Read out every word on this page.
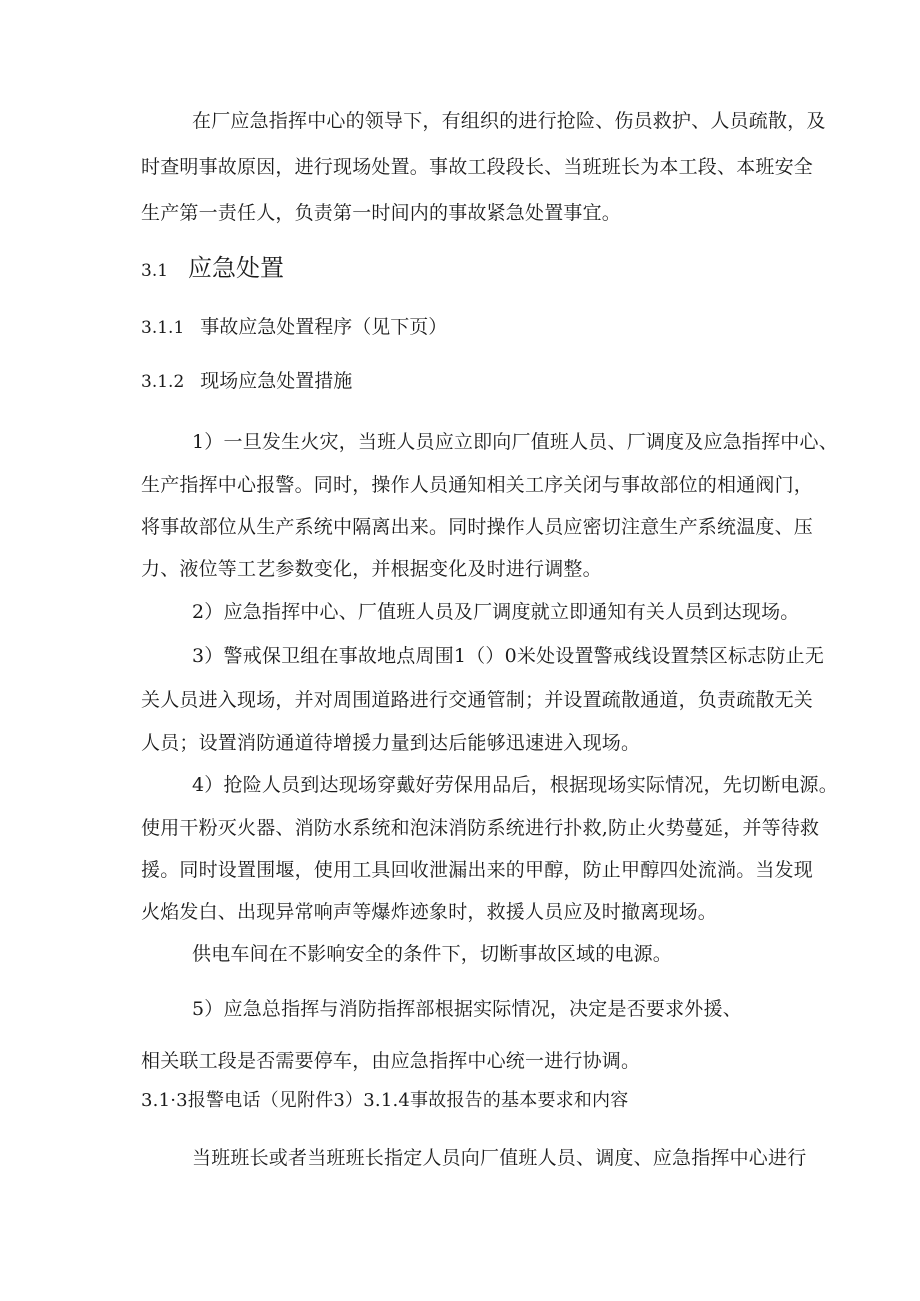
在厂应急指挥中心的领导下，有组织的进行抢险、伤员救护、人员疏散，及
时查明事故原因，进行现场处置。事故工段段长、当班班长为本工段、本班安全
生产第一责任人，负责第一时间内的事故紧急处置事宜。
3.1 应急处置
3.1.1 事故应急处置程序（见下页）
3.1.2 现场应急处置措施
1）一旦发生火灾，当班人员应立即向厂值班人员、厂调度及应急指挥中心、
生产指挥中心报警。同时，操作人员通知相关工序关闭与事故部位的相通阀门，
将事故部位从生产系统中隔离出来。同时操作人员应密切注意生产系统温度、压
力、液位等工艺参数变化，并根据变化及时进行调整。
2）应急指挥中心、厂值班人员及厂调度就立即通知有关人员到达现场。
3）警戒保卫组在事故地点周围1（）0米处设置警戒线设置禁区标志防止无
关人员进入现场，并对周围道路进行交通管制；并设置疏散通道，负责疏散无关
人员；设置消防通道待增援力量到达后能够迅速进入现场。
4）抢险人员到达现场穿戴好劳保用品后，根据现场实际情况，先切断电源。
使用干粉灭火器、消防水系统和泡沫消防系统进行扑救,防止火势蔓延，并等待救
援。同时设置围堰，使用工具回收泄漏出来的甲醇，防止甲醇四处流淌。当发现
火焰发白、出现异常响声等爆炸迹象时，救援人员应及时撤离现场。
供电车间在不影响安全的条件下，切断事故区域的电源。
5）应急总指挥与消防指挥部根据实际情况，决定是否要求外援、
相关联工段是否需要停车，由应急指挥中心统一进行协调。
3.1·3报警电话（见附件3）3.1.4事故报告的基本要求和内容
当班班长或者当班班长指定人员向厂值班人员、调度、应急指挥中心进行
